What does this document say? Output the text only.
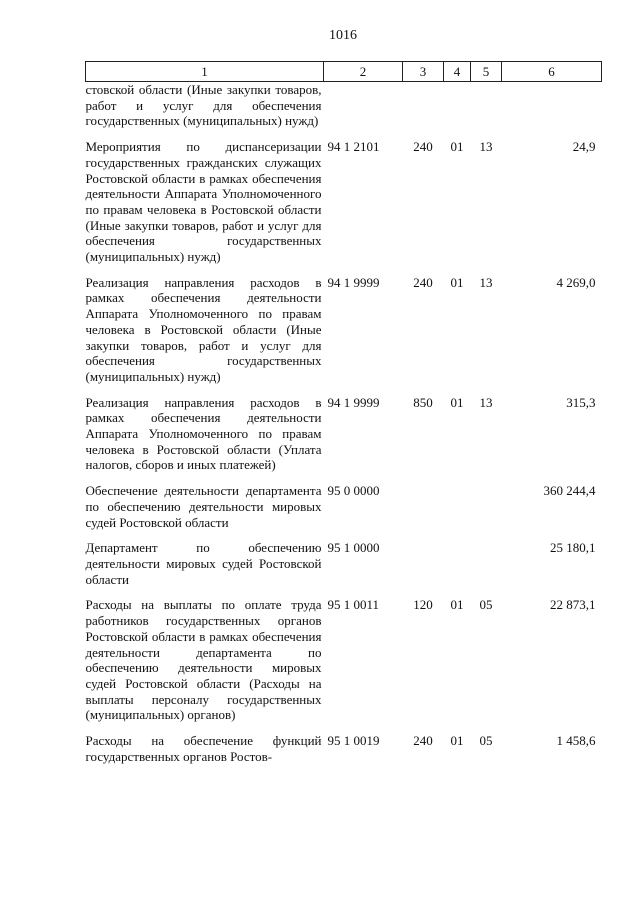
1016
1	2	3	4	5	6

стовской области (Иные закупки товаров, работ и услуг для обеспечения государственных (муниципальных) нужд)					

Мероприятия по диспансеризации государственных гражданских служащих Ростовской области в рамках обеспечения деятельности Аппарата Уполномоченного по правам человека в Ростовской области (Иные закупки товаров, работ и услуг для обеспечения государственных (муниципальных) нужд)	94 1 2101	240	01	13	24,9

Реализация направления расходов в рамках обеспечения деятельности Аппарата Уполномоченного по правам человека в Ростовской области (Иные закупки товаров, работ и услуг для обеспечения государственных (муниципальных) нужд)	94 1 9999	240	01	13	4 269,0

Реализация направления расходов в рамках обеспечения деятельности Аппарата Уполномоченного по правам человека в Ростовской области (Уплата налогов, сборов и иных платежей)	94 1 9999	850	01	13	315,3

Обеспечение деятельности департамента по обеспечению деятельности мировых судей Ростовской области	95 0 0000				360 244,4

Департамент по обеспечению деятельности мировых судей Ростовской области	95 1 0000				25 180,1

Расходы на выплаты по оплате труда работников государственных органов Ростовской области в рамках обеспечения деятельности департамента по обеспечению деятельности мировых судей Ростовской области (Расходы на выплаты персоналу государственных (муниципальных) органов)	95 1 0011	120	01	05	22 873,1

Расходы на обеспечение функций государственных органов Ростов-	95 1 0019	240	01	05	1 458,6
